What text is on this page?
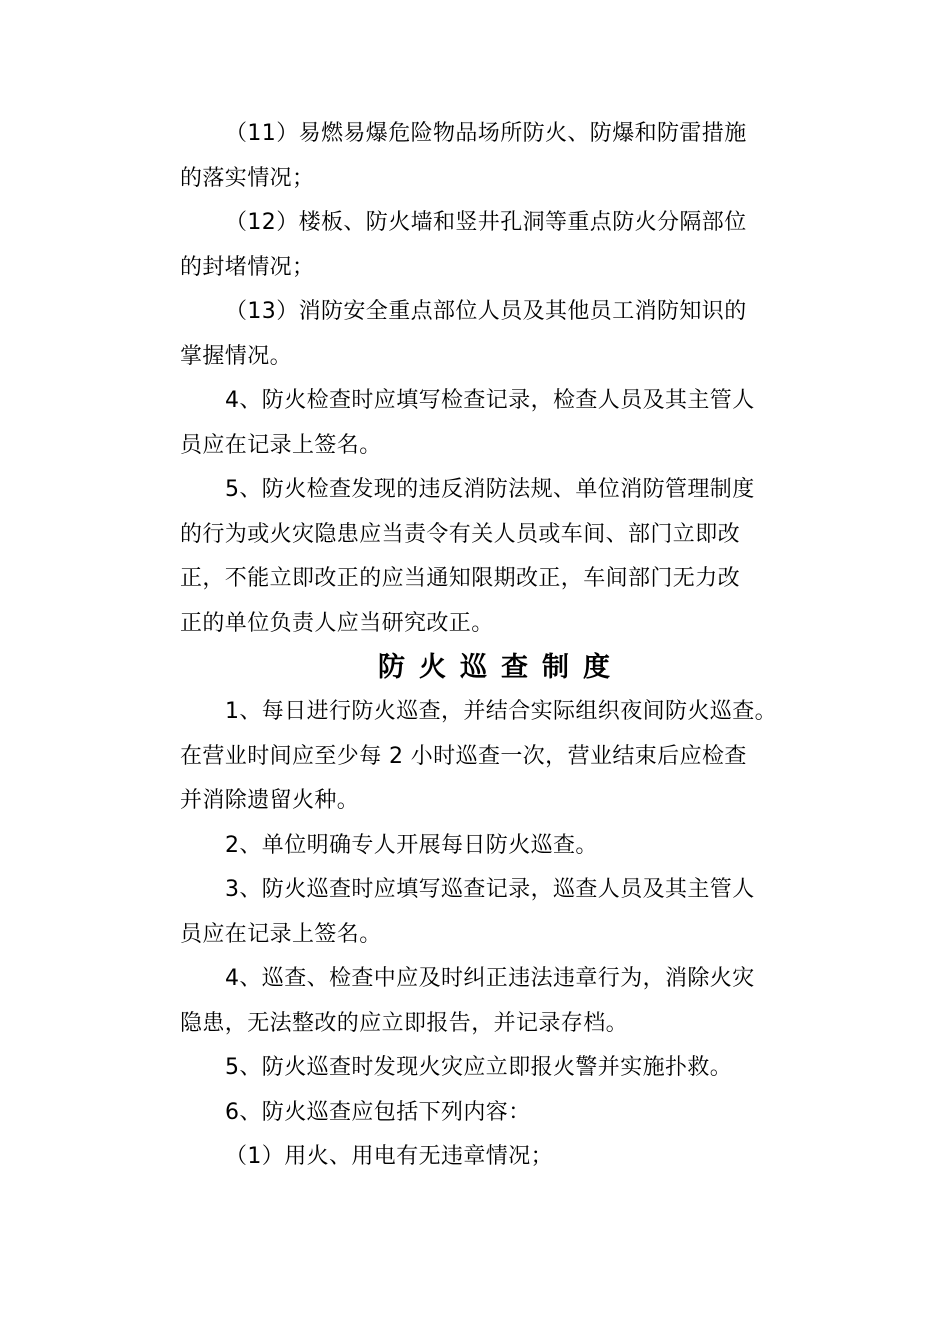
（11）易燃易爆危险物品场所防火、防爆和防雷措施
的落实情况；
（12）楼板、防火墙和竖井孔洞等重点防火分隔部位
的封堵情况；
（13）消防安全重点部位人员及其他员工消防知识的
掌握情况。
4、防火检查时应填写检查记录，检查人员及其主管人
员应在记录上签名。
5、防火检查发现的违反消防法规、单位消防管理制度
的行为或火灾隐患应当责令有关人员或车间、部门立即改
正，不能立即改正的应当通知限期改正，车间部门无力改
正的单位负责人应当研究改正。
防火巡查制度
1、每日进行防火巡查，并结合实际组织夜间防火巡查。
在营业时间应至少每 2 小时巡查一次，营业结束后应检查
并消除遗留火种。
2、单位明确专人开展每日防火巡查。
3、防火巡查时应填写巡查记录，巡查人员及其主管人
员应在记录上签名。
4、巡查、检查中应及时纠正违法违章行为，消除火灾
隐患，无法整改的应立即报告，并记录存档。
5、防火巡查时发现火灾应立即报火警并实施扑救。
6、防火巡查应包括下列内容：
（1）用火、用电有无违章情况；
